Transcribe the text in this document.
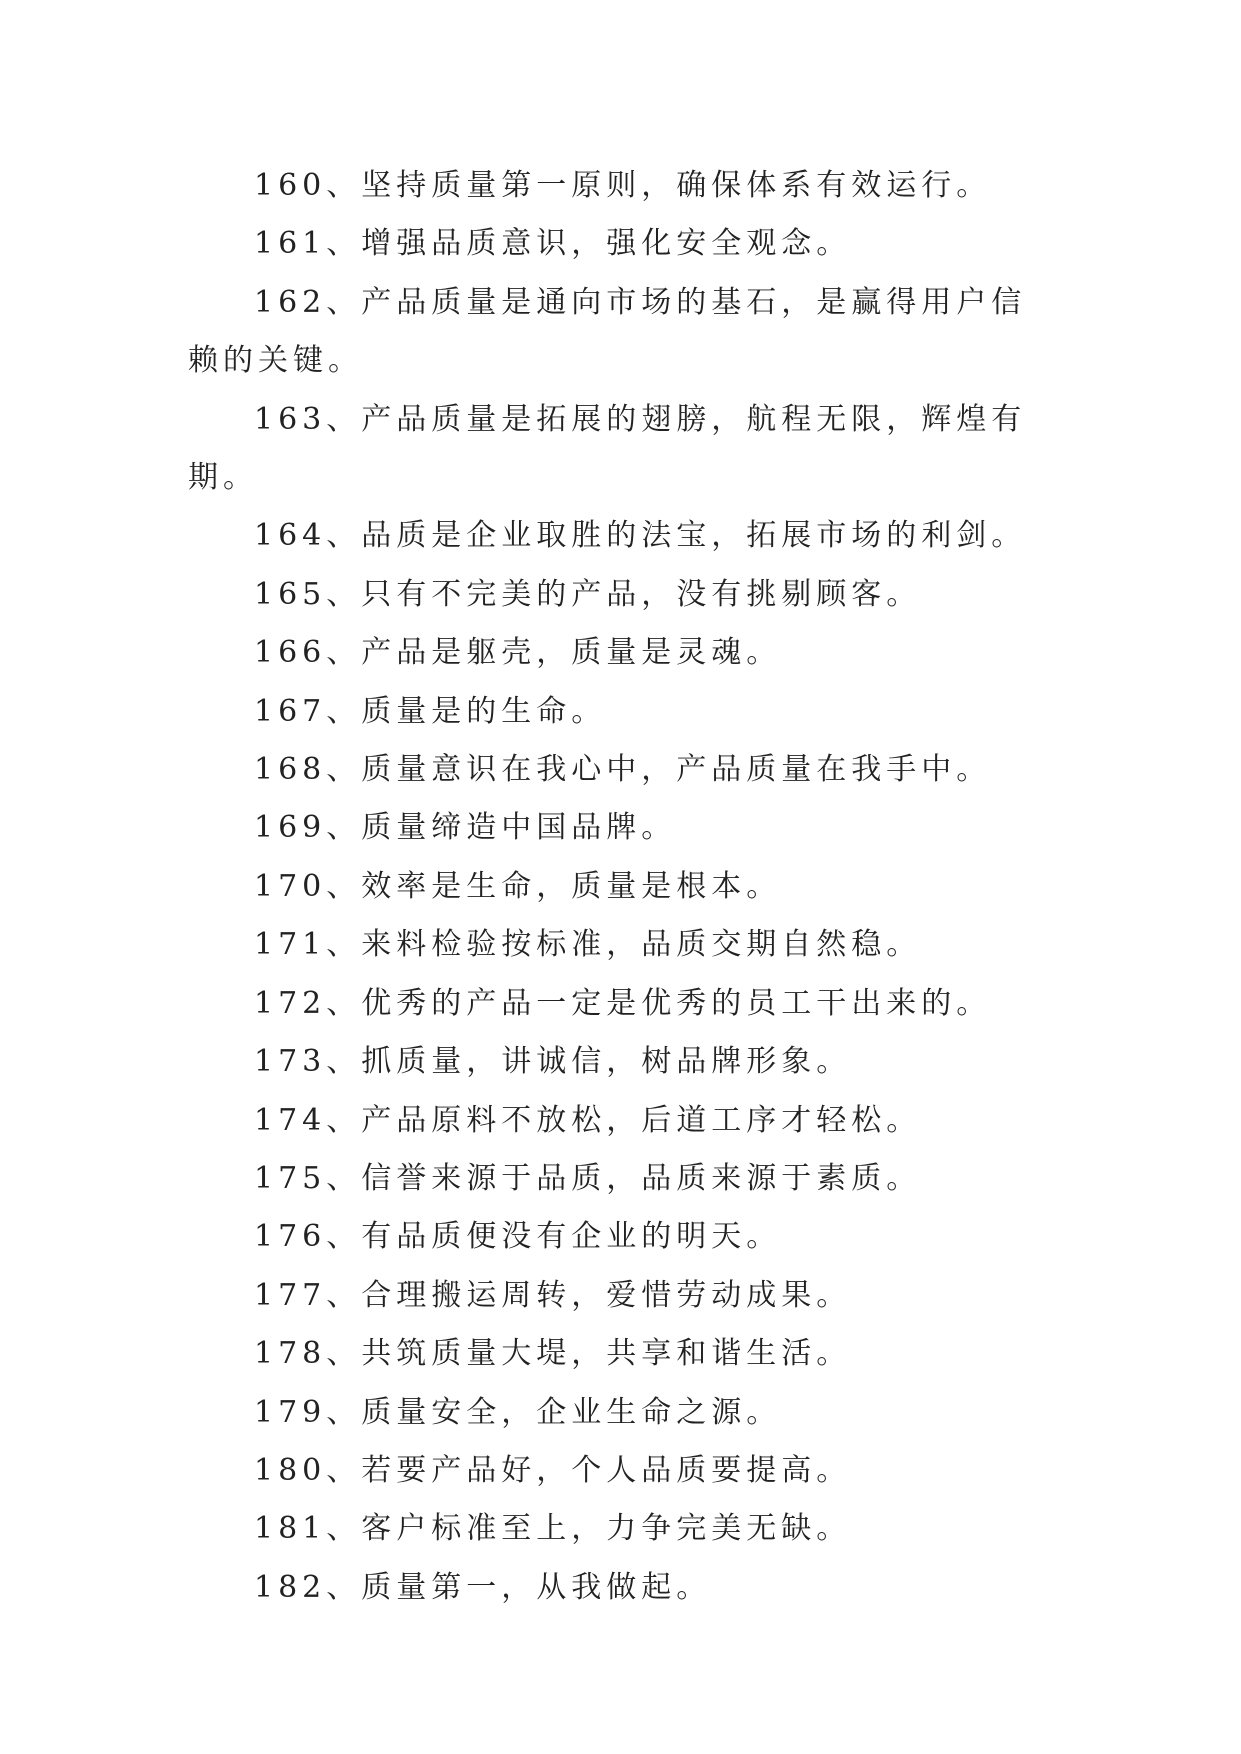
160、坚持质量第一原则，确保体系有效运行。

161、增强品质意识，强化安全观念。

162、产品质量是通向市场的基石，是赢得用户信赖的关键。

163、产品质量是拓展的翅膀，航程无限，辉煌有期。

164、品质是企业取胜的法宝，拓展市场的利剑。

165、只有不完美的产品，没有挑剔顾客。

166、产品是躯壳，质量是灵魂。

167、质量是的生命。

168、质量意识在我心中，产品质量在我手中。

169、质量缔造中国品牌。

170、效率是生命，质量是根本。

171、来料检验按标准，品质交期自然稳。

172、优秀的产品一定是优秀的员工干出来的。

173、抓质量，讲诚信，树品牌形象。

174、产品原料不放松，后道工序才轻松。

175、信誉来源于品质，品质来源于素质。

176、有品质便没有企业的明天。

177、合理搬运周转，爱惜劳动成果。

178、共筑质量大堤，共享和谐生活。

179、质量安全，企业生命之源。

180、若要产品好，个人品质要提高。

181、客户标准至上，力争完美无缺。

182、质量第一，从我做起。
